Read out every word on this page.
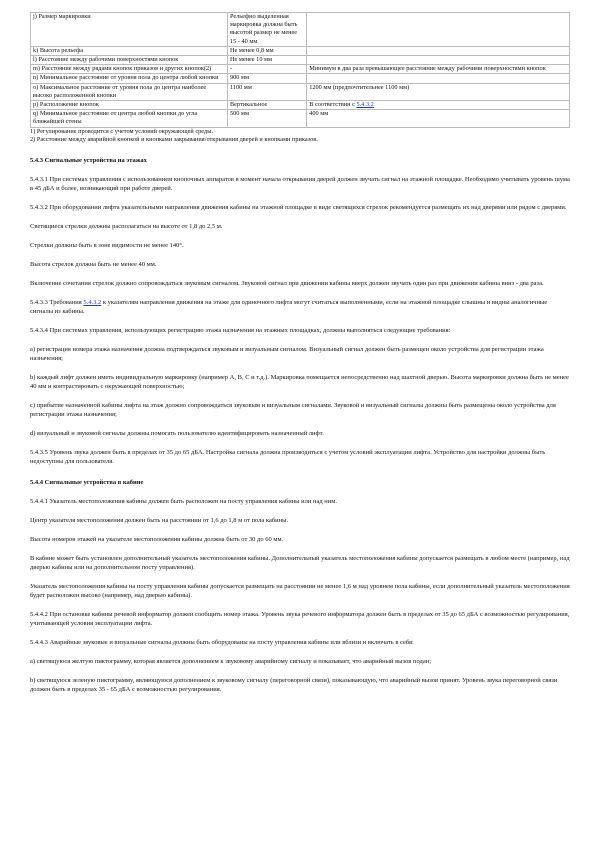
j) Размер маркировки	Рельефно выделенная маркировка должна быть высотой размер не менее 15 - 40 мм	
k) Высота рельефа	Не менее 0,8 мм	
l) Расстояние между рабочими поверхностями кнопок	Не менее 10 мм	
m) Расстояние между рядами кнопок приказов и других кнопок(2)	-	Минимум в два раза превышающее расстояние между рабочими поверхностями кнопок
n) Минимальное расстояние от уровня пола до центра любой кнопки	900 мм	
o) Максимальное расстояние от уровня пола до центра наиболее высоко расположенной кнопки	1100 мм	1200 мм (предпочтительнее 1100 мм)
p) Расположение кнопок	Вертикальное	В соответствии с 5.4.3.2
q) Минимальное расстояние от центра любой кнопки до угла ближайшей стены	500 мм	400 мм
1) Регулирование проводится с учетом условий окружающей среды.
2) Расстояние между аварийной кнопкой и кнопками закрывания/открывания дверей и кнопками приказов.
5.4.3 Сигнальные устройства на этажах
5.4.3.1 При системах управления с использованием кнопочных аппаратов в момент начала открывания дверей должен звучать сигнал на этажной площадке. Необходимо учитывать уровень шума в 45 дБА и более, возникающий при работе дверей.
5.4.3.2 При оборудовании лифта указательными направления движения кабины на этажной площадке в виде светящихся стрелок рекомендуется размещать их над дверями или рядом с дверями.
Светящиеся стрелки должны располагаться на высоте от 1,8 до 2,5 м.
Стрелки должны быть в зоне видимости не менее 140°.
Высота стрелок должна быть не менее 40 мм.
Включение сочетания стрелок должно сопровождаться звуковым сигналом. Звуковой сигнал при движении кабины вверх должен звучать один раз при движении кабины вниз - два раза.
5.4.3.3 Требования 5.4.3.2 к указателям направления движения на этаже для одиночного лифта могут считаться выполненными, если на этажной площадке слышны и видны аналогичные сигналы из кабины.
5.4.3.4 При системах управления, использующих регистрацию этажа назначения на этажных площадках, должны выполняться следующие требования:
а) регистрация номера этажа назначения должна подтверждаться звуковым и визуальным сигналом. Визуальный сигнал должен быть размещен около устройства для регистрации этажа назначения;
b) каждый лифт должен иметь индивидуальную маркировку (например A, B, C и т.д.). Маркировка помещается непосредственно над шахтной дверью. Высота маркировки должна быть не менее 40 мм и контрастировать с окружающей поверхностью;
c) прибытие назначенной кабины лифта на этаж должно сопровождаться звуковым и визуальным сигналами. Звуковой и визуальный сигналы должны быть размещены около устройства для регистрации этажа назначения;
d) визуальный и звуковой сигналы должны помогать пользователю идентифицировать назначенный лифт.
5.4.3.5 Уровень звука должен быть в пределах от 35 до 65 дБА. Настройка сигнала должна производиться с учетом условий эксплуатации лифта. Устройство для настройки должны быть недоступны для пользователя.
5.4.4 Сигнальные устройства в кабине
5.4.4.1 Указатель местоположения кабины должен быть расположен на посту управления кабины или над ним.
Центр указателя местоположения должен быть на расстоянии от 1,6 до 1,8 м от пола кабины.
Высота номеров этажей на указателе местоположения кабины должна быть от 30 до 60 мм.
В кабине может быть установлен дополнительный указатель местоположения кабины. Дополнительный указатель местоположения кабины допускается размещать в любом месте (например, над дверью кабины или на дополнительном посту управления).
Указатель местоположения кабины на посту управления кабины допускается размещать на расстоянии не менее 1,6 м над уровнем пола кабины, если дополнительный указатель местоположения будет расположен высоко (например, над дверью кабины).
5.4.4.2 При остановке кабины речевой информатор должен сообщить номер этажа. Уровень звука речевого информатора должен быть в пределах от 35 до 65 дБА с возможностью регулирования, учитывающей условия эксплуатации лифта.
5.4.4.3 Аварийные звуковые и визуальные сигналы должны быть оборудованы на посту управления кабины или вблизи и включать в себя:
а) светящуюся желтую пиктограмму, которая является дополнением к звуковому аварийному сигналу и показывает, что аварийный вызов подан;
b) светящуюся зеленую пиктограмму, являющуюся дополнением к звуковому сигналу (переговорной связи), показывающую, что аварийный вызов принят. Уровень звука переговорной связи должен быть в пределах 35 - 65 дБА с возможностью регулирования.
